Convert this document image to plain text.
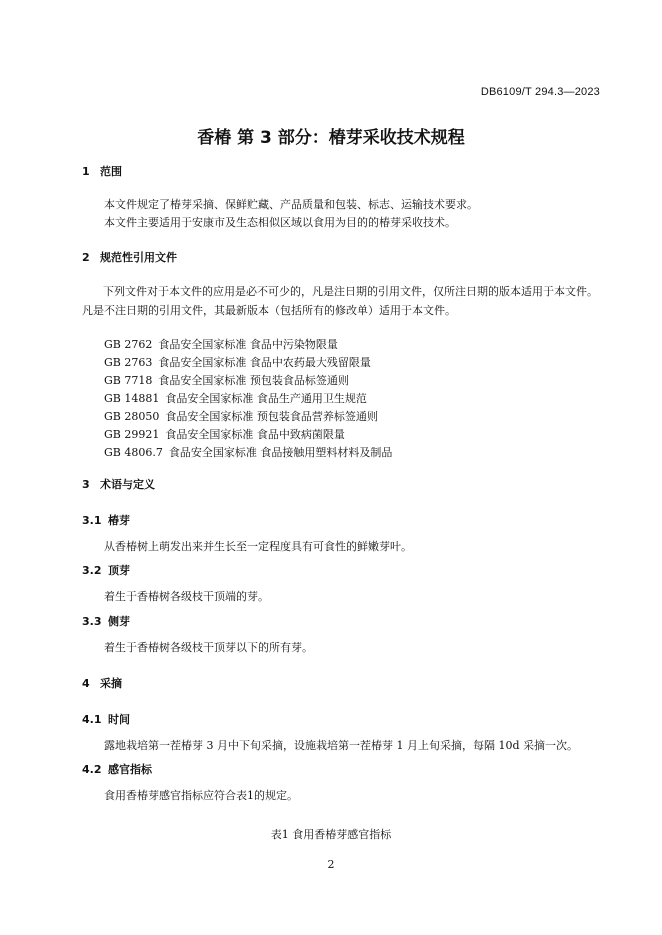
DB6109/T 294.3—2023
香椿 第 3 部分：椿芽采收技术规程
1 范围
本文件规定了椿芽采摘、保鲜贮藏、产品质量和包装、标志、运输技术要求。
本文件主要适用于安康市及生态相似区域以食用为目的的椿芽采收技术。
2 规范性引用文件
下列文件对于本文件的应用是必不可少的，凡是注日期的引用文件，仅所注日期的版本适用于本文件。凡是不注日期的引用文件，其最新版本（包括所有的修改单）适用于本文件。
GB 2762 食品安全国家标准 食品中污染物限量
GB 2763 食品安全国家标准 食品中农药最大残留限量
GB 7718 食品安全国家标准 预包装食品标签通则
GB 14881 食品安全国家标准 食品生产通用卫生规范
GB 28050 食品安全国家标准 预包装食品营养标签通则
GB 29921 食品安全国家标准 食品中致病菌限量
GB 4806.7 食品安全国家标准 食品接触用塑料材料及制品
3 术语与定义
3.1 椿芽
从香椿树上萌发出来并生长至一定程度具有可食性的鲜嫩芽叶。
3.2 顶芽
着生于香椿树各级枝干顶端的芽。
3.3 侧芽
着生于香椿树各级枝干顶芽以下的所有芽。
4 采摘
4.1 时间
露地栽培第一茬椿芽 3 月中下旬采摘，设施栽培第一茬椿芽 1 月上旬采摘，每隔 10d 采摘一次。
4.2 感官指标
食用香椿芽感官指标应符合表1的规定。
表1 食用香椿芽感官指标
2
